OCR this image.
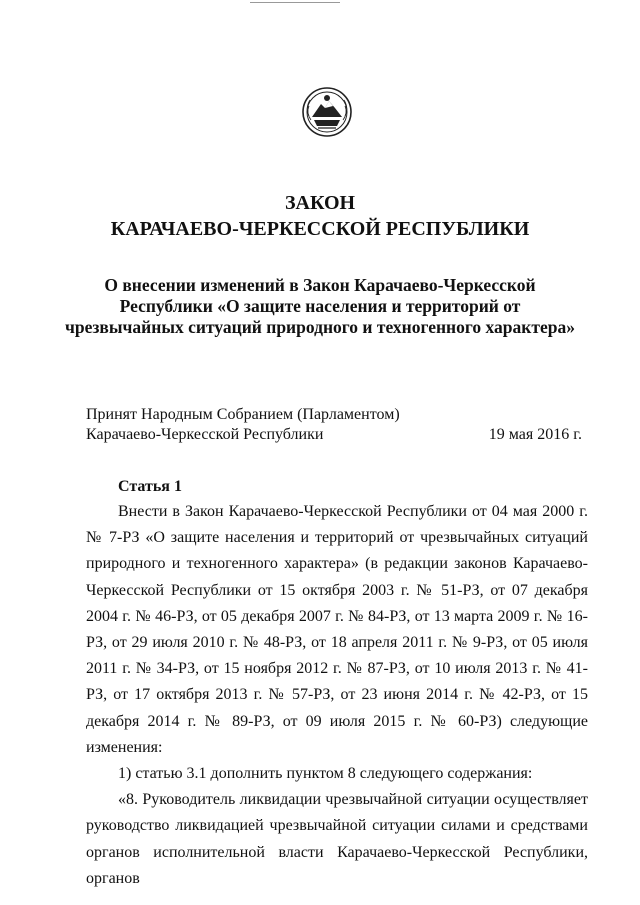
ЗАКОН
КАРАЧАЕВО-ЧЕРКЕССКОЙ РЕСПУБЛИКИ
О внесении изменений в Закон Карачаево-Черкесской Республики «О защите населения и территорий от чрезвычайных ситуаций природного и техногенного характера»
Принят Народным Собранием (Парламентом)
Карачаево-Черкесской Республики	19 мая 2016 г.
Статья 1

Внести в Закон Карачаево-Черкесской Республики от 04 мая 2000 г. № 7-РЗ «О защите населения и территорий от чрезвычайных ситуаций природного и техногенного характера» (в редакции законов Карачаево-Черкесской Республики от 15 октября 2003 г. № 51-РЗ, от 07 декабря 2004 г. № 46-РЗ, от 05 декабря 2007 г. № 84-РЗ, от 13 марта 2009 г. № 16-РЗ, от 29 июля 2010 г. № 48-РЗ, от 18 апреля 2011 г. № 9-РЗ, от 05 июля 2011 г. № 34-РЗ, от 15 ноября 2012 г. № 87-РЗ, от 10 июля 2013 г. № 41-РЗ, от 17 октября 2013 г. № 57-РЗ, от 23 июня 2014 г. № 42-РЗ, от 15 декабря 2014 г. № 89-РЗ, от 09 июля 2015 г. № 60-РЗ) следующие изменения:

1) статью 3.1 дополнить пунктом 8 следующего содержания:

«8. Руководитель ликвидации чрезвычайной ситуации осуществляет руководство ликвидацией чрезвычайной ситуации силами и средствами органов исполнительной власти Карачаево-Черкесской Республики, органов
